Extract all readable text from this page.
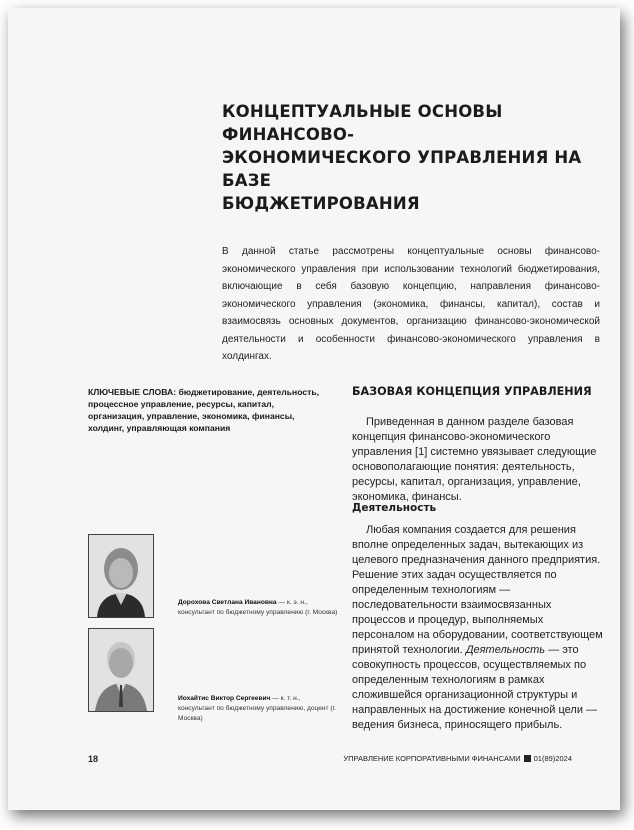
КОНЦЕПТУАЛЬНЫЕ ОСНОВЫ ФИНАНСОВО-
ЭКОНОМИЧЕСКОГО УПРАВЛЕНИЯ НА БАЗЕ
БЮДЖЕТИРОВАНИЯ
В данной статье рассмотрены концептуальные основы финансово-экономического управления при использовании технологий бюджетирования, включающие в себя базовую концепцию, направления финансово-экономического управления (экономика, финансы, капитал), состав и взаимосвязь основных документов, организацию финансово-экономической деятельности и особенности финансово-экономического управления в холдингах.
КЛЮЧЕВЫЕ СЛОВА: бюджетирование, деятельность, процессное управление, ресурсы, капитал, организация, управление, экономика, финансы, холдинг, управляющая компания
БАЗОВАЯ КОНЦЕПЦИЯ УПРАВЛЕНИЯ
Приведенная в данном разделе базовая концепция финансово-экономического управления [1] системно увязывает следующие основополагающие понятия: деятельность, ресурсы, капитал, организация, управление, экономика, финансы.
Деятельность
Любая компания создается для решения вполне определенных задач, вытекающих из целевого предназначения данного предприятия. Решение этих задач осуществляется по определенным технологиям — последовательности взаимосвязанных процессов и процедур, выполняемых персоналом на оборудовании, соответствующем принятой технологии. Деятельность — это совокупность процессов, осуществляемых по определенным технологиям в рамках сложившейся организационной структуры и направленных на достижение конечной цели — ведения бизнеса, приносящего прибыль.
Дорохова Светлана Ивановна — к. э. н., консультант по бюджетному управлению (г. Москва)
Иохайтис Виктор Сергеевич — к. т. н., консультант по бюджетному управлению, доцент (г. Москва)
18	УПРАВЛЕНИЕ КОРПОРАТИВНЫМИ ФИНАНСАМИ 01(89)2024
